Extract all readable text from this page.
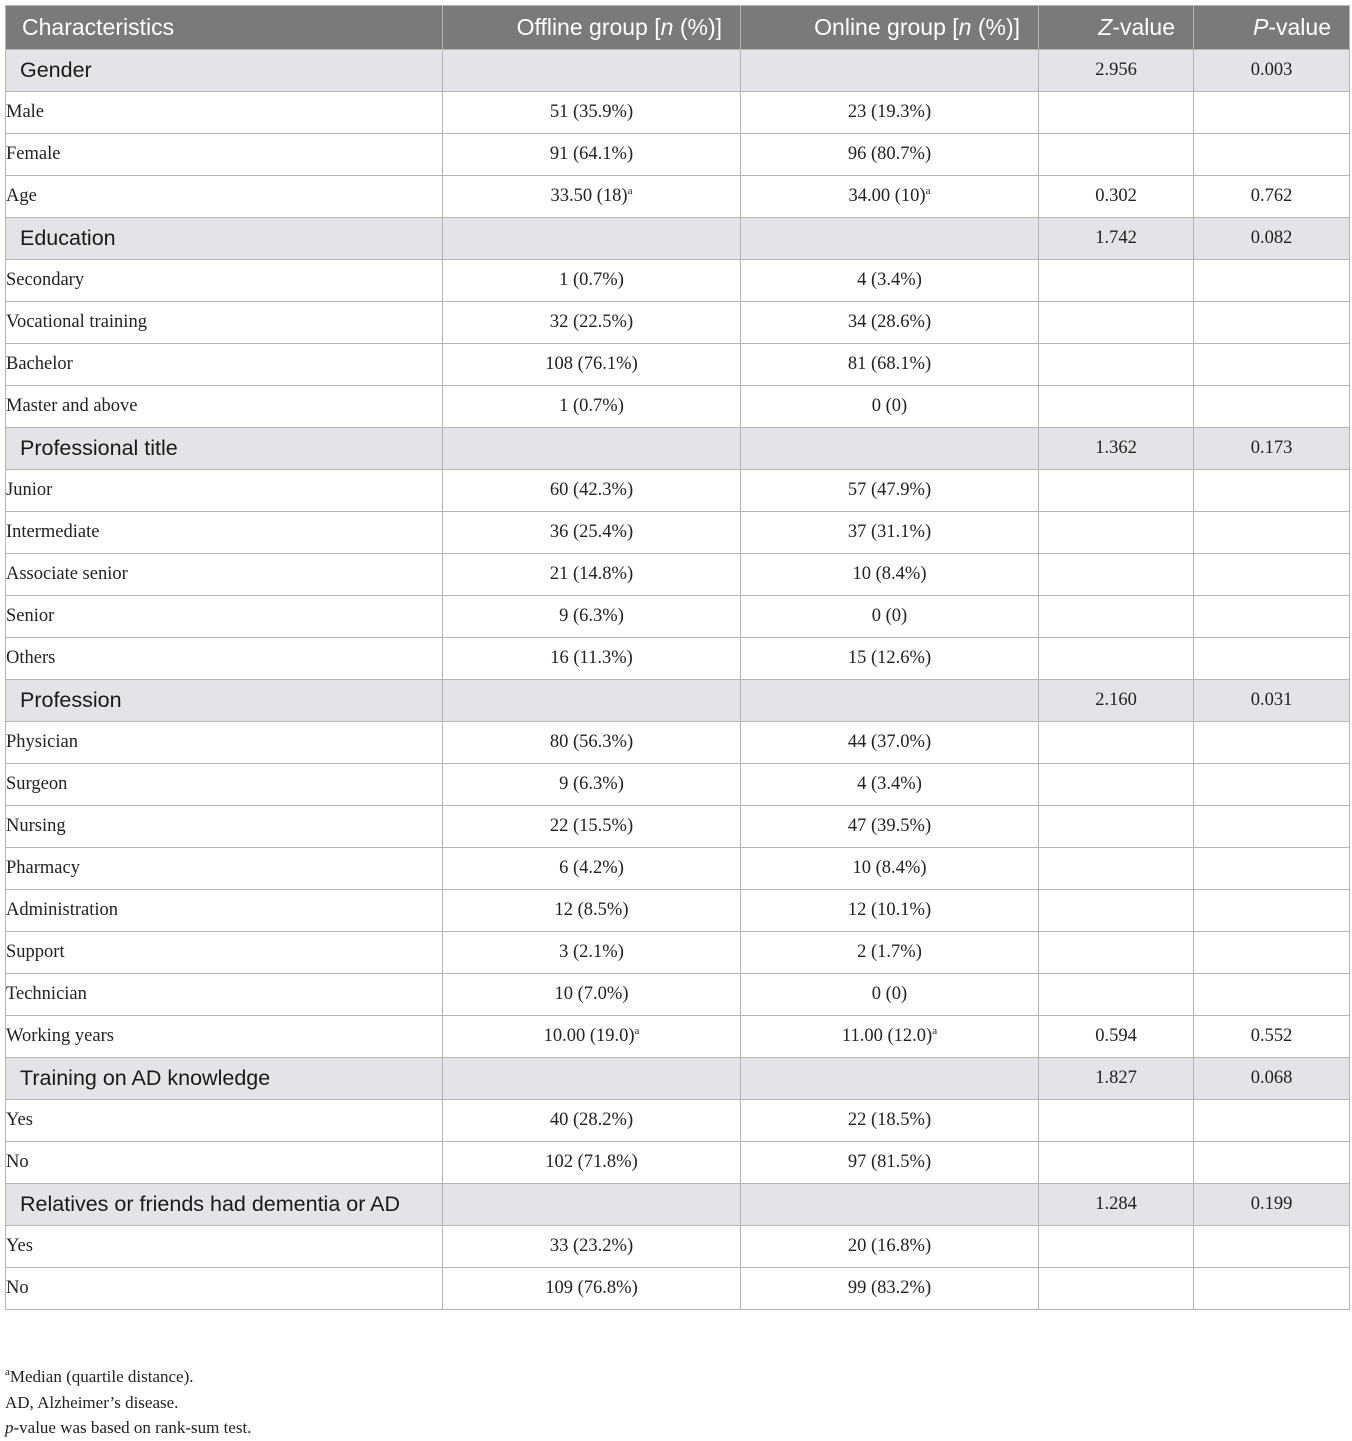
Characteristics	Offline group [n (%)]	Online group [n (%)]	Z-value	P-value
Gender			2.956	0.003
Male	51 (35.9%)	23 (19.3%)		
Female	91 (64.1%)	96 (80.7%)		
Age	33.50 $(18)^a$	34.00 $(10)^a$	0.302	0.762
Education			1.742	0.082
Secondary	1 (0.7%)	4 (3.4%)		
Vocational training	32 (22.5%)	34 (28.6%)		
Bachelor	108 (76.1%)	81 (68.1%)		
Master and above	1 (0.7%)	0 (0)		
Professional title			1.362	0.173
Junior	60 (42.3%)	57 (47.9%)		
Intermediate	36 (25.4%)	37 (31.1%)		
Associate senior	21 (14.8%)	10 (8.4%)		
Senior	9 (6.3%)	0 (0)		
Others	16 (11.3%)	15 (12.6%)		
Profession			2.160	0.031
Physician	80 (56.3%)	44 (37.0%)		
Surgeon	9 (6.3%)	4 (3.4%)		
Nursing	22 (15.5%)	47 (39.5%)		
Pharmacy	6 (4.2%)	10 (8.4%)		
Administration	12 (8.5%)	12 (10.1%)		
Support	3 (2.1%)	2 (1.7%)		
Technician	10 (7.0%)	0 (0)		
Working years	10.00 $(19.0)^a$	11.00 $(12.0)^a$	0.594	0.552
Training on AD knowledge			1.827	0.068
Yes	40 (28.2%)	22 (18.5%)		
No	102 (71.8%)	97 (81.5%)		
Relatives or friends had dementia or AD			1.284	0.199
Yes	33 (23.2%)	20 (16.8%)		
No	109 (76.8%)	99 (83.2%)		

$^a$Median (quartile distance).

AD, Alzheimer’s disease.

p-value was based on rank-sum test.
